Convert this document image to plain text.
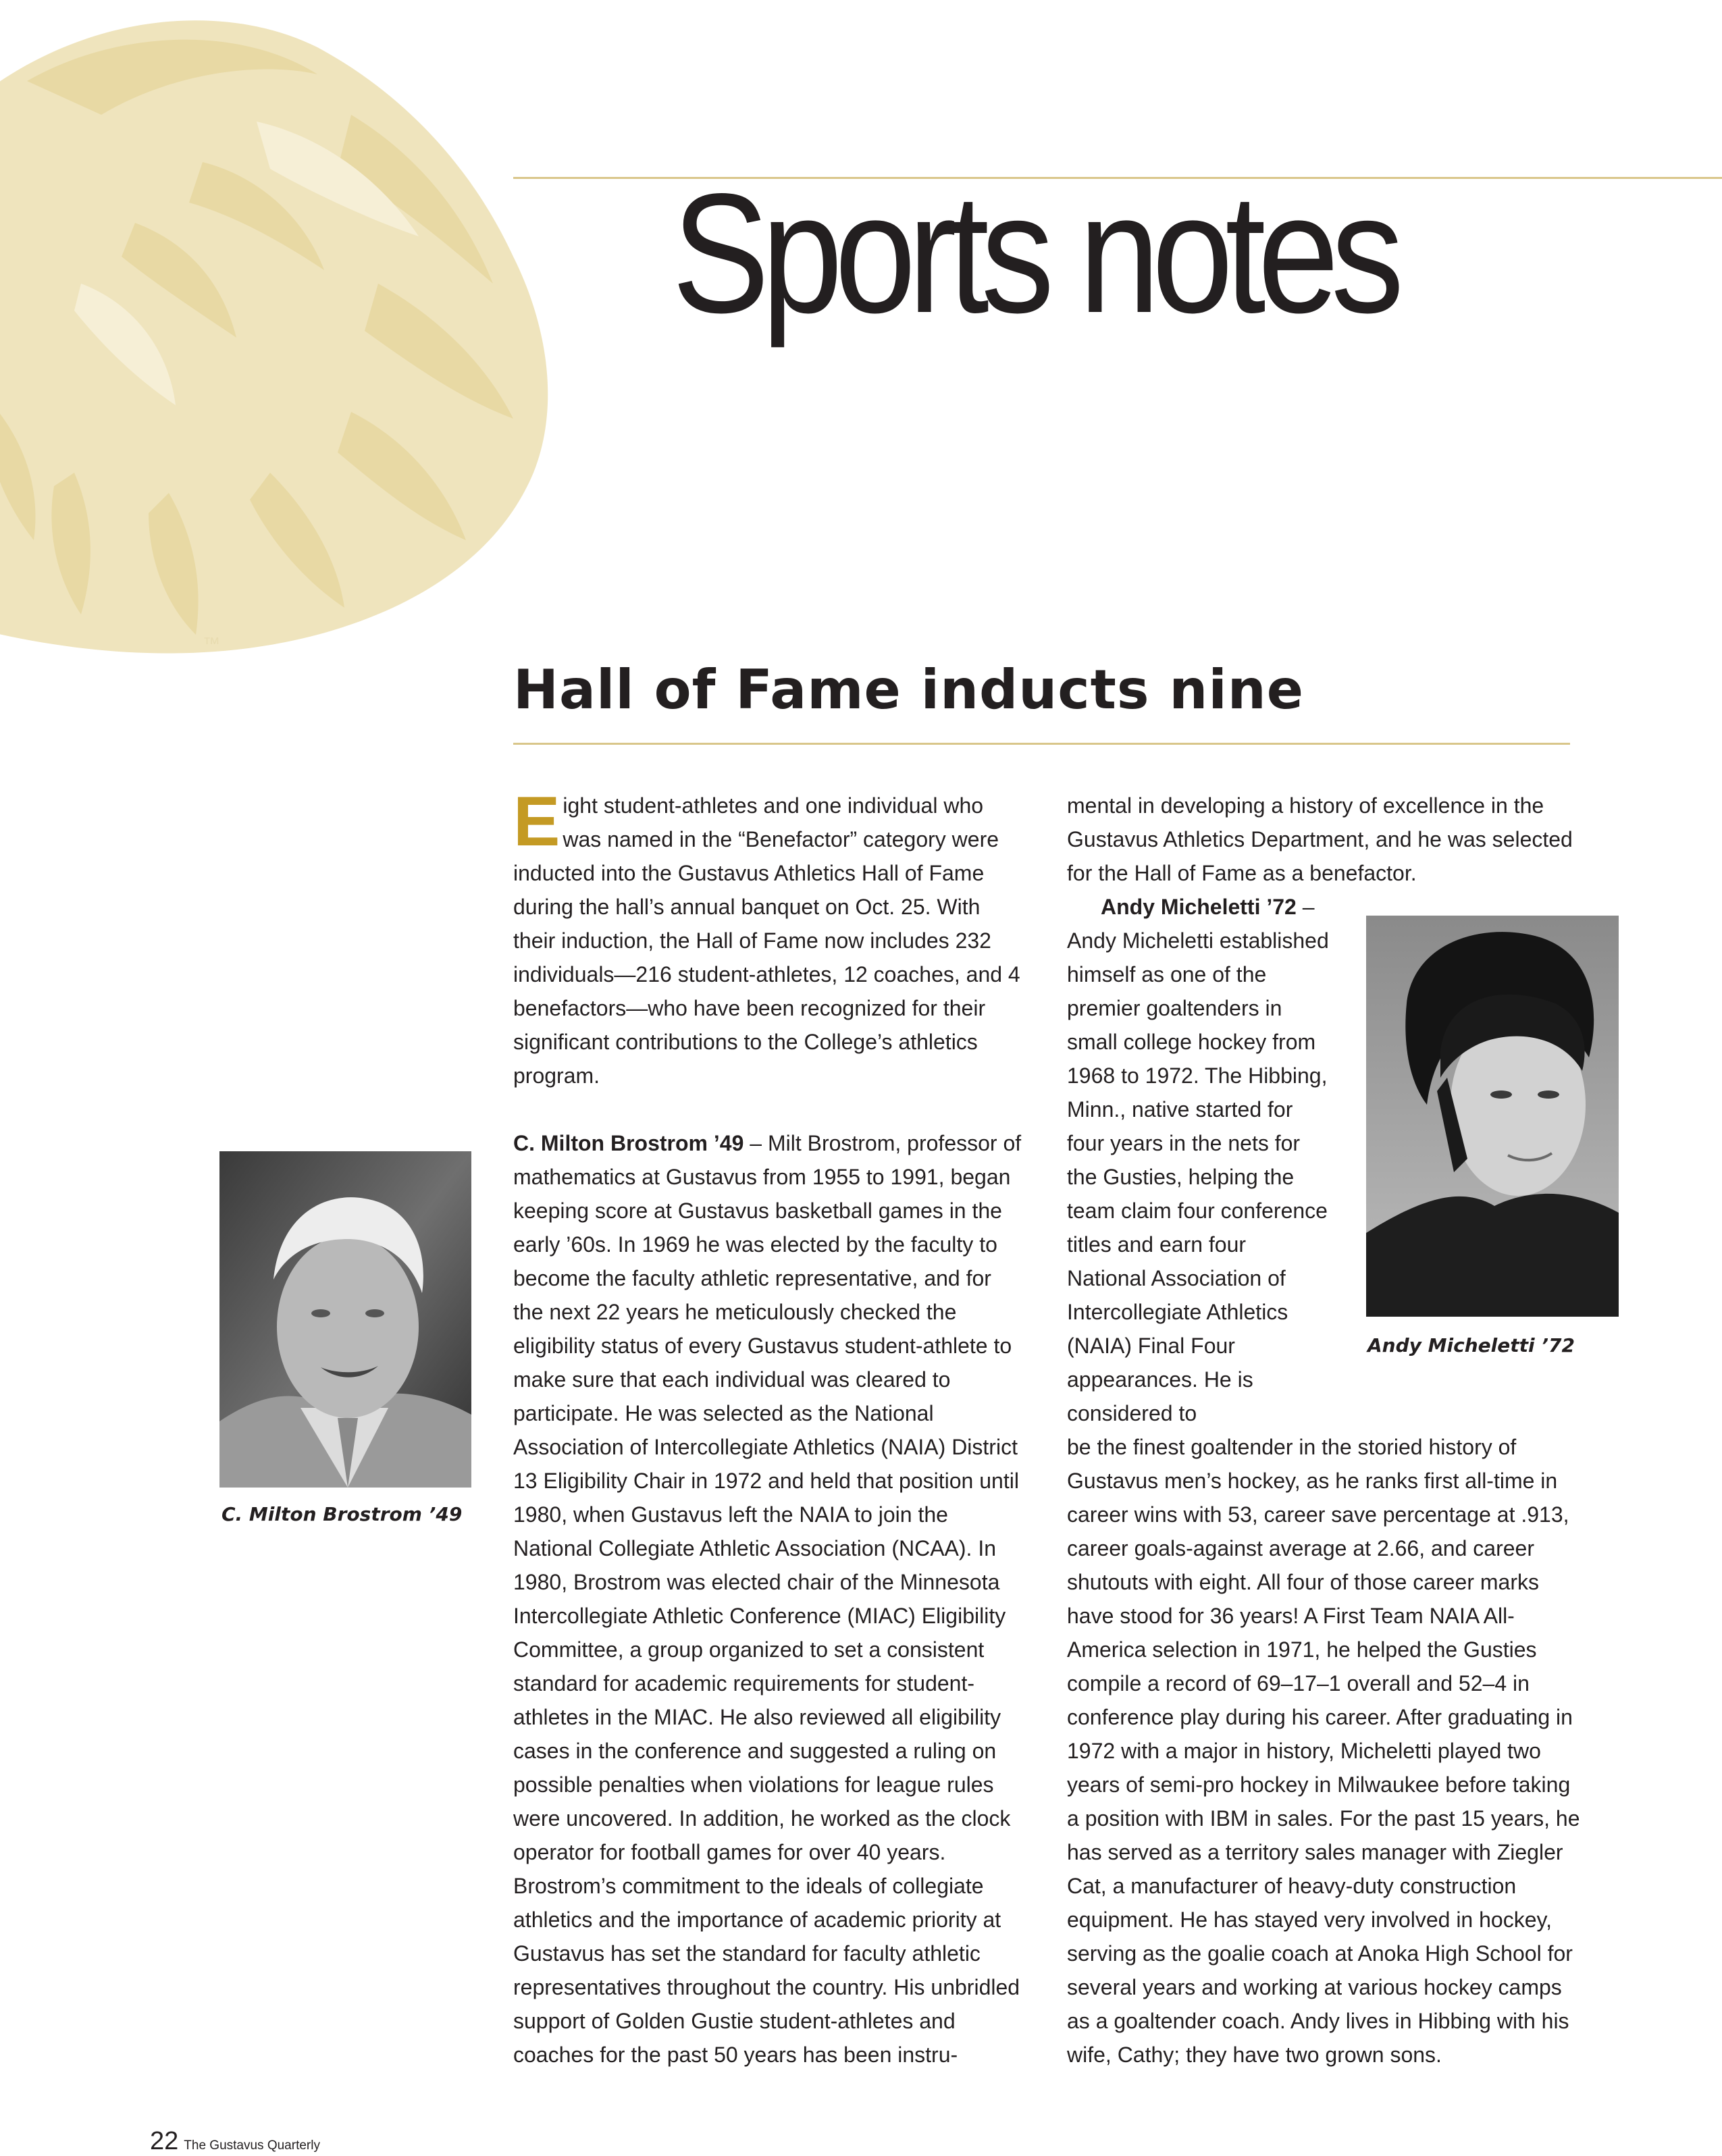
™
Sports notes
Hall of Fame inducts nine

Eight student-athletes and one individual who was named in the “Benefactor” category were inducted into the Gustavus Athletics Hall of Fame during the hall’s annual banquet on Oct. 25. With their induction, the Hall of Fame now includes 232 individuals—216 student-athletes, 12 coaches, and 4 benefactors—who have been recognized for their significant contributions to the College’s athletics program.

C. Milton Brostrom ’49 – Milt Brostrom, professor of mathematics at Gustavus from 1955 to 1991, began keeping score at Gustavus basketball games in the early ’60s. In 1969 he was elected by the faculty to become the faculty athletic representative, and for the next 22 years he meticulously checked the eligibility status of every Gustavus student-athlete to make sure that each individual was cleared to participate. He was selected as the National Association of Intercollegiate Athletics (NAIA) District 13 Eligibility Chair in 1972 and held that position until 1980, when Gustavus left the NAIA to join the National Collegiate Athletic Association (NCAA). In 1980, Brostrom was elected chair of the Minnesota Intercollegiate Athletic Conference (MIAC) Eligibility Committee, a group organized to set a consistent standard for academic requirements for student-athletes in the MIAC. He also reviewed all eligibility cases in the conference and suggested a ruling on possible penalties when violations for league rules were uncovered. In addition, he worked as the clock operator for football games for over 40 years. Brostrom’s commitment to the ideals of collegiate athletics and the importance of academic priority at Gustavus has set the standard for faculty athletic representatives throughout the country. His unbridled support of Golden Gustie student-athletes and coaches for the past 50 years has been instru-

mental in developing a history of excellence in the Gustavus Athletics Department, and he was selected for the Hall of Fame as a benefactor.

Andy Micheletti ’72 –
Andy Micheletti established himself as one of the premier goaltenders in small college hockey from 1968 to 1972. The Hibbing, Minn., native started for four years in the nets for the Gusties, helping the team claim four conference titles and earn four National Association of Intercollegiate Athletics (NAIA) Final Four appearances. He is considered to
be the finest goaltender in the storied history of Gustavus men’s hockey, as he ranks first all-time in career wins with 53, career save percentage at .913, career goals-against average at 2.66, and career shutouts with eight. All four of those career marks have stood for 36 years! A First Team NAIA All-America selection in 1971, he helped the Gusties compile a record of 69–17–1 overall and 52–4 in conference play during his career. After graduating in 1972 with a major in history, Micheletti played two years of semi-pro hockey in Milwaukee before taking a position with IBM in sales. For the past 15 years, he has served as a territory sales manager with Ziegler Cat, a manufacturer of heavy-duty construction equipment. He has stayed very involved in hockey, serving as the goalie coach at Anoka High School for several years and working at various hockey camps as a goaltender coach. Andy lives in Hibbing with his wife, Cathy; they have two grown sons.

C. Milton Brostrom ’49
Andy Micheletti ’72
22 The Gustavus Quarterly
